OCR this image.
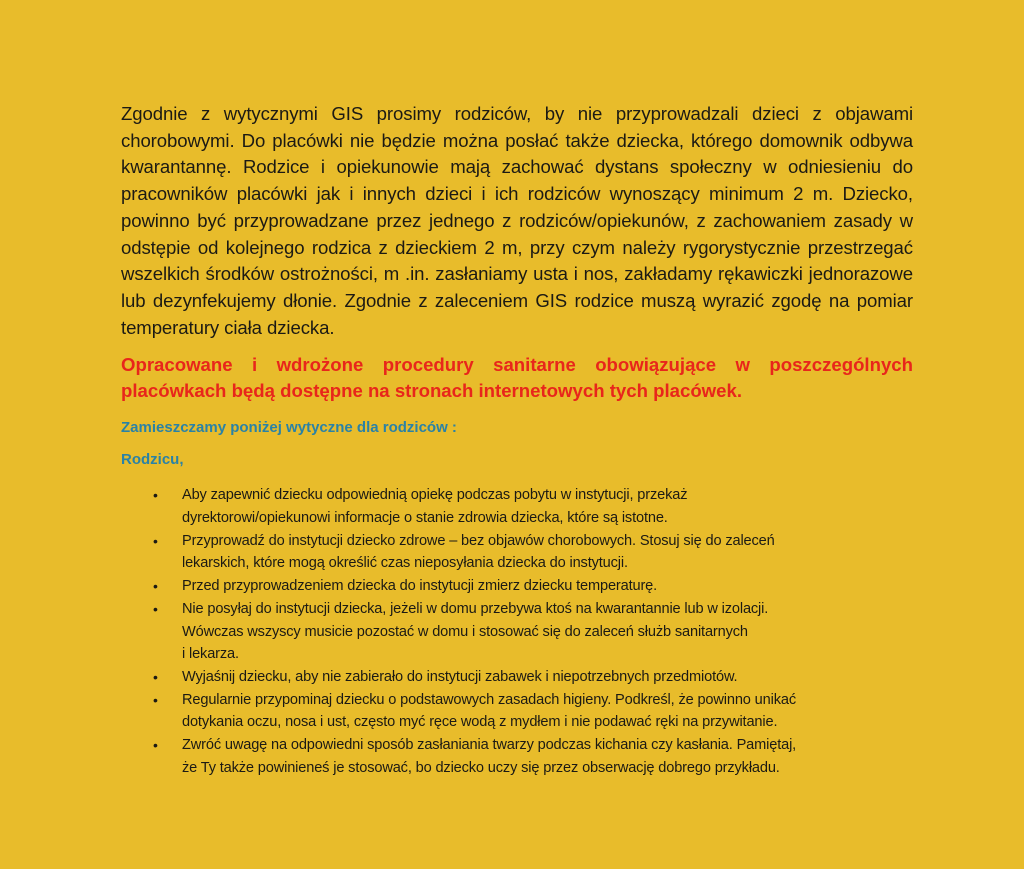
Zgodnie z wytycznymi GIS prosimy rodziców, by nie przyprowadzali dzieci z objawami chorobowymi. Do placówki nie będzie można posłać także dziecka, którego domownik odbywa kwarantannę. Rodzice i opiekunowie mają zachować dystans społeczny w odniesieniu do pracowników placówki jak i innych dzieci i ich rodziców wynoszący minimum 2 m. Dziecko, powinno być przyprowadzane przez jednego z rodziców/opiekunów, z zachowaniem zasady w odstępie od kolejnego rodzica z dzieckiem 2 m, przy czym należy rygorystycznie przestrzegać wszelkich środków ostrożności, m .in. zasłaniamy usta i nos, zakładamy rękawiczki jednorazowe lub dezynfekujemy dłonie. Zgodnie z zaleceniem GIS rodzice muszą wyrazić zgodę na pomiar temperatury ciała dziecka.

Opracowane i wdrożone procedury sanitarne obowiązujące w poszczególnych placówkach będą dostępne na stronach internetowych tych placówek.

Zamieszczamy poniżej wytyczne dla rodziców :

Rodzicu,

• Aby zapewnić dziecku odpowiednią opiekę podczas pobytu w instytucji, przekaż
dyrektorowi/opiekunowi informacje o stanie zdrowia dziecka, które są istotne.
• Przyprowadź do instytucji dziecko zdrowe – bez objawów chorobowych. Stosuj się do zaleceń
lekarskich, które mogą określić czas nieposyłania dziecka do instytucji.
• Przed przyprowadzeniem dziecka do instytucji zmierz dziecku temperaturę.
• Nie posyłaj do instytucji dziecka, jeżeli w domu przebywa ktoś na kwarantannie lub w izolacji.
Wówczas wszyscy musicie pozostać w domu i stosować się do zaleceń służb sanitarnych
i lekarza.
• Wyjaśnij dziecku, aby nie zabierało do instytucji zabawek i niepotrzebnych przedmiotów.
• Regularnie przypominaj dziecku o podstawowych zasadach higieny. Podkreśl, że powinno unikać
dotykania oczu, nosa i ust, często myć ręce wodą z mydłem i nie podawać ręki na przywitanie.
• Zwróć uwagę na odpowiedni sposób zasłaniania twarzy podczas kichania czy kasłania. Pamiętaj,
że Ty także powinieneś je stosować, bo dziecko uczy się przez obserwację dobrego przykładu.
